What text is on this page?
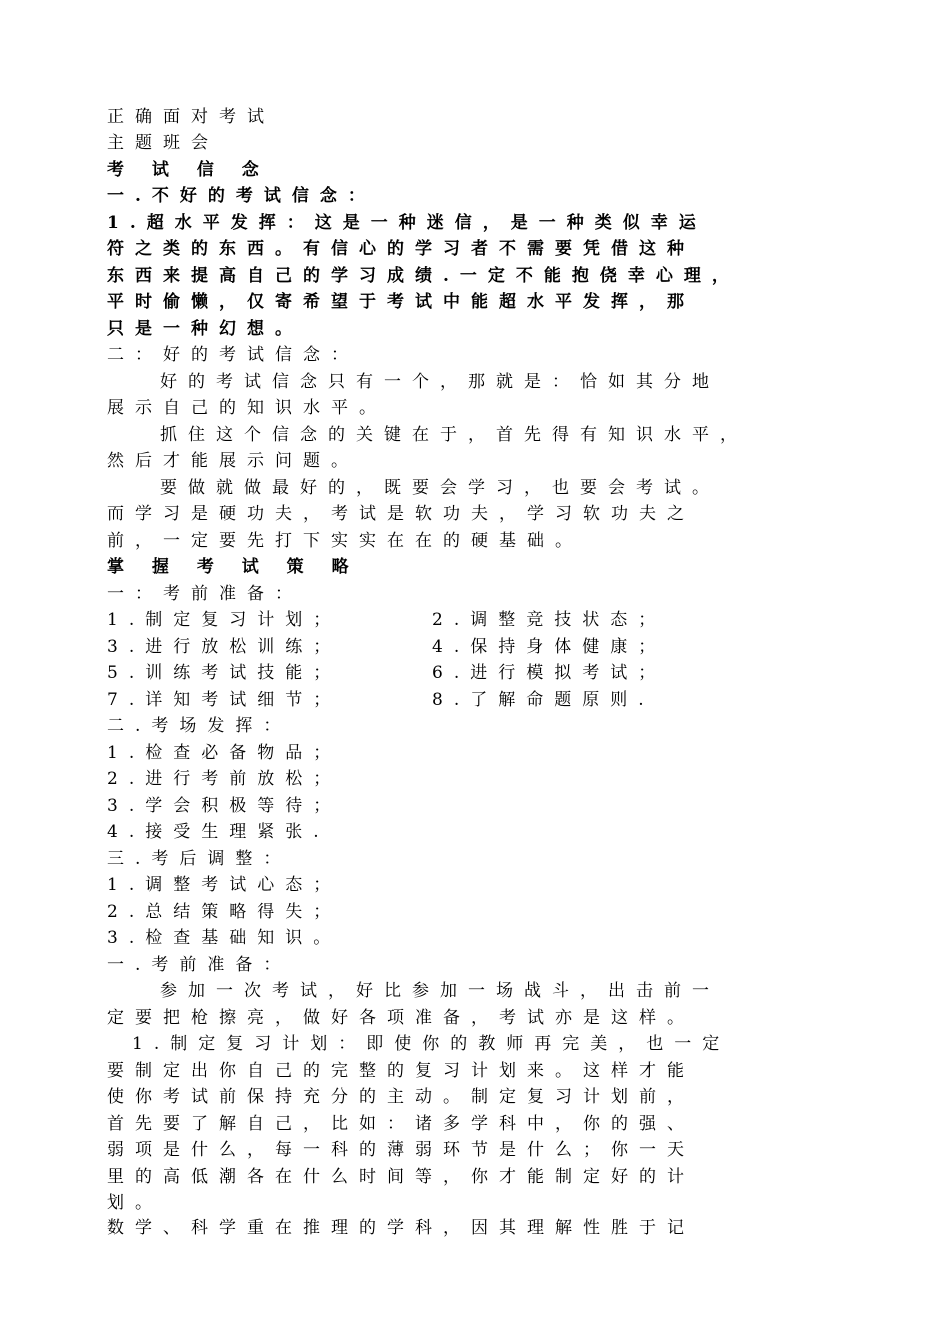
正确面对考试
主题班会
考 试 信 念
一.不好的考试信念：
1.超水平发挥：这是一种迷信，是一种类似幸运
符之类的东西。有信心的学习者不需要凭借这种
东西来提高自己的学习成绩.一定不能抱侥幸心理，
平时偷懒，仅寄希望于考试中能超水平发挥，那
只是一种幻想。
二：好的考试信念：
好的考试信念只有一个，那就是：恰如其分地
展示自己的知识水平。
抓住这个信念的关键在于，首先得有知识水平，
然后才能展示问题。
要做就做最好的，既要会学习，也要会考试。
而学习是硬功夫，考试是软功夫，学习软功夫之
前，一定要先打下实实在在的硬基础。
掌 握 考 试 策 略
一：考前准备：
1.制定复习计划；	2.调整竞技状态；
3.进行放松训练；	4.保持身体健康；
5.训练考试技能；	6.进行模拟考试；
7.详知考试细节；	8.了解命题原则.
二.考场发挥：
1.检查必备物品；
2.进行考前放松；
3.学会积极等待；
4.接受生理紧张.
三.考后调整：
1.调整考试心态；
2.总结策略得失；
3.检查基础知识。
一.考前准备：
参加一次考试，好比参加一场战斗，出击前一
定要把枪擦亮，做好各项准备，考试亦是这样。
1.制定复习计划：即使你的教师再完美，也一定
要制定出你自己的完整的复习计划来。这样才能
使你考试前保持充分的主动。制定复习计划前，
首先要了解自己，比如：诸多学科中，你的强、
弱项是什么，每一科的薄弱环节是什么；你一天
里的高低潮各在什么时间等，你才能制定好的计
划。
数学、科学重在推理的学科，因其理解性胜于记
